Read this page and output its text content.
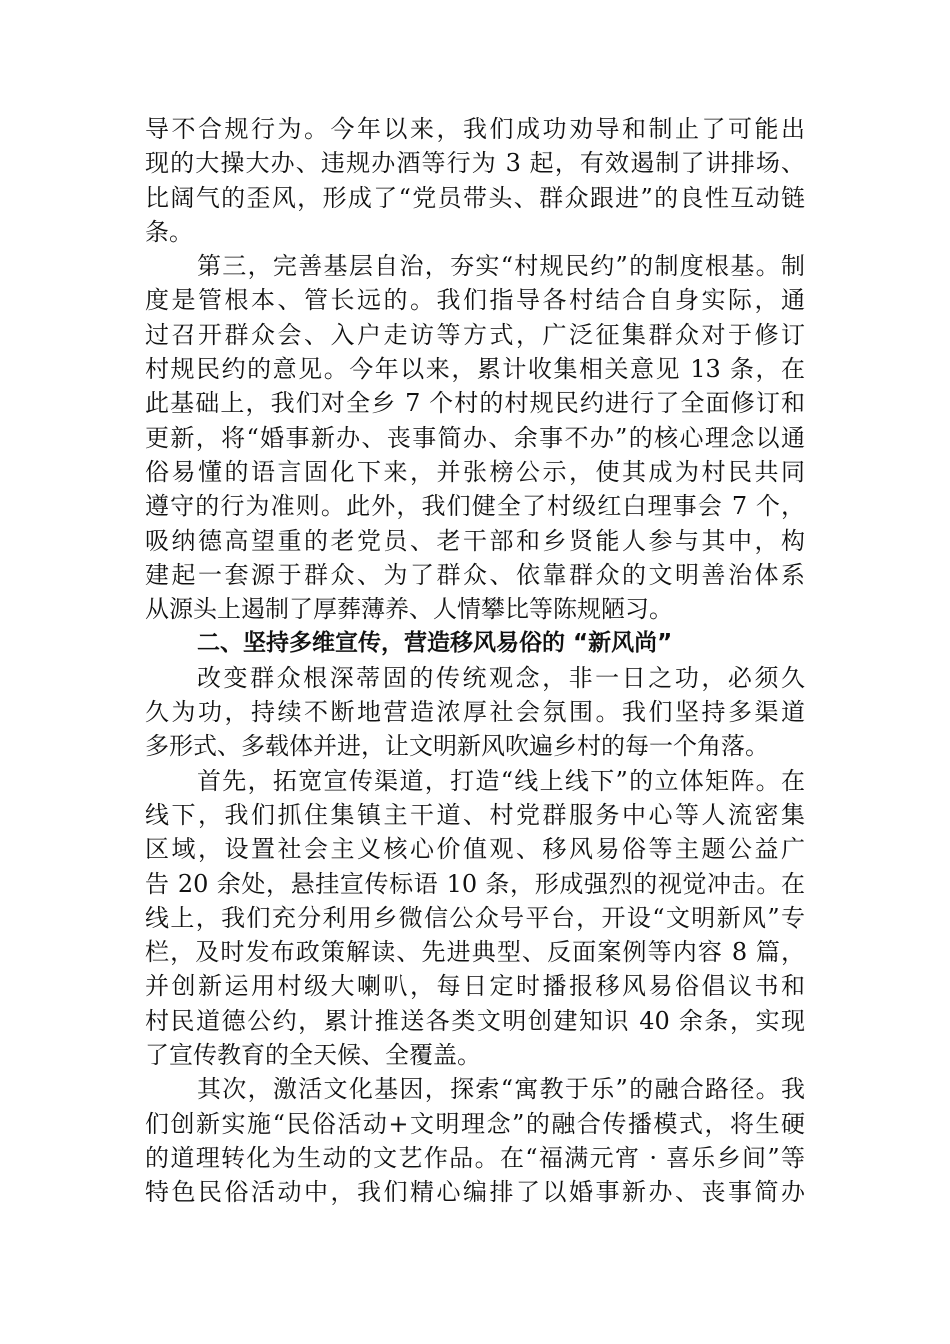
导不合规行为。今年以来，我们成功劝导和制止了可能出
现的大操大办、违规办酒等行为 3 起，有效遏制了讲排场、
比阔气的歪风，形成了“党员带头、群众跟进”的良性互动链
条。
第三，完善基层自治，夯实“村规民约”的制度根基。制
度是管根本、管长远的。我们指导各村结合自身实际，通
过召开群众会、入户走访等方式，广泛征集群众对于修订
村规民约的意见。今年以来，累计收集相关意见 13 条，在
此基础上，我们对全乡 7 个村的村规民约进行了全面修订和
更新，将“婚事新办、丧事简办、余事不办”的核心理念以通
俗易懂的语言固化下来，并张榜公示，使其成为村民共同
遵守的行为准则。此外，我们健全了村级红白理事会 7 个，
吸纳德高望重的老党员、老干部和乡贤能人参与其中，构
建起一套源于群众、为了群众、依靠群众的文明善治体系
从源头上遏制了厚葬薄养、人情攀比等陈规陋习。
二、坚持多维宣传，营造移风易俗的 “新风尚”
改变群众根深蒂固的传统观念，非一日之功，必须久
久为功，持续不断地营造浓厚社会氛围。我们坚持多渠道
多形式、多载体并进，让文明新风吹遍乡村的每一个角落。
首先，拓宽宣传渠道，打造“线上线下”的立体矩阵。在
线下，我们抓住集镇主干道、村党群服务中心等人流密集
区域，设置社会主义核心价值观、移风易俗等主题公益广
告 20 余处，悬挂宣传标语 10 条，形成强烈的视觉冲击。在
线上，我们充分利用乡微信公众号平台，开设“文明新风”专
栏，及时发布政策解读、先进典型、反面案例等内容 8 篇，
并创新运用村级大喇叭，每日定时播报移风易俗倡议书和
村民道德公约，累计推送各类文明创建知识 40 余条，实现
了宣传教育的全天候、全覆盖。
其次，激活文化基因，探索“寓教于乐”的融合路径。我
们创新实施“民俗活动+文明理念”的融合传播模式，将生硬
的道理转化为生动的文艺作品。在“福满元宵 · 喜乐乡间”等
特色民俗活动中，我们精心编排了以婚事新办、丧事简办
